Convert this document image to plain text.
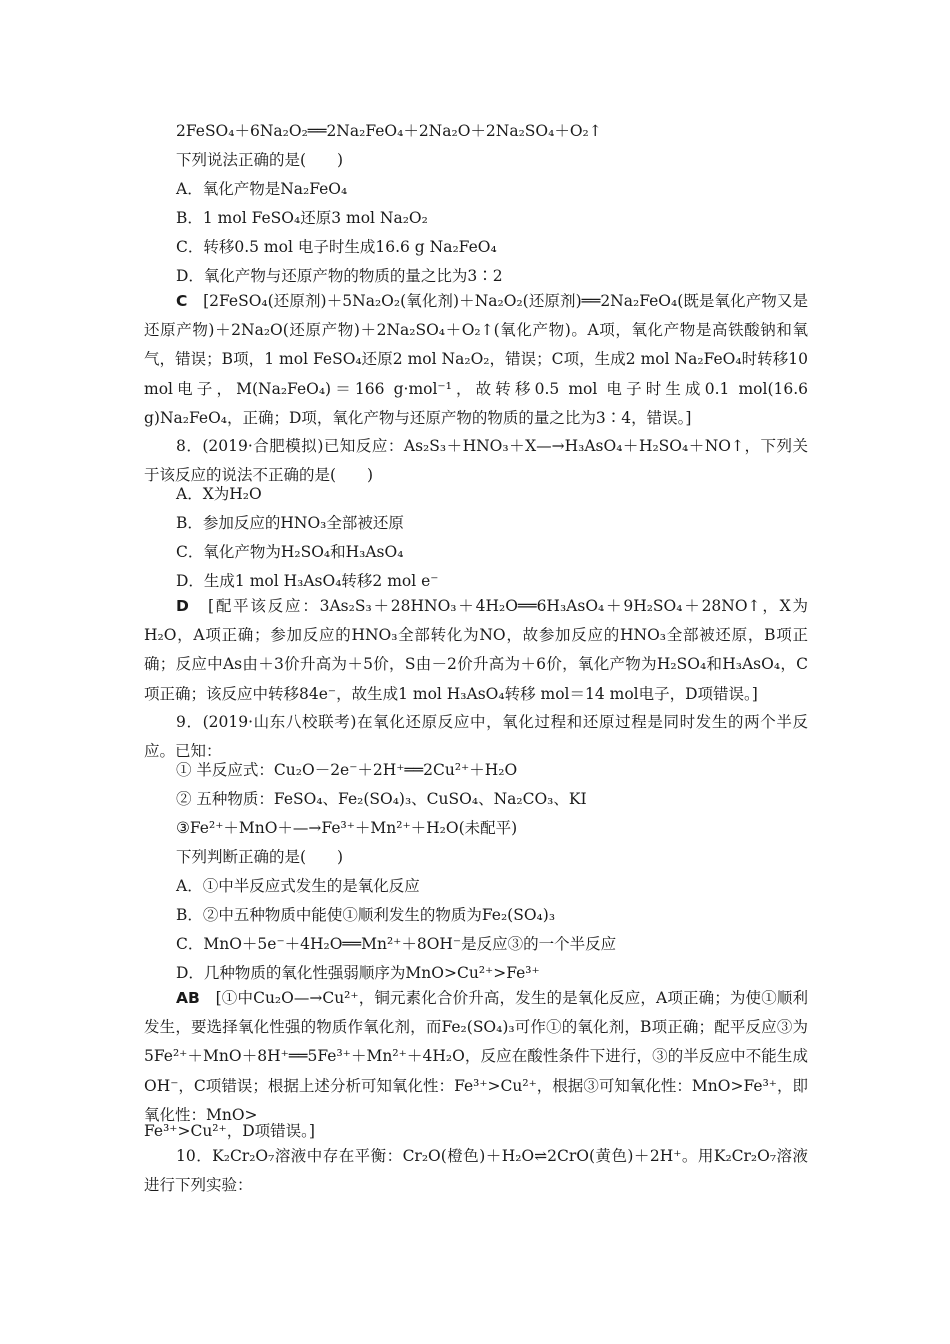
2FeSO₄＋6Na₂O₂══2Na₂FeO₄＋2Na₂O＋2Na₂SO₄＋O₂↑
下列说法正确的是(　　)
A．氧化产物是Na₂FeO₄
B．1 mol FeSO₄还原3 mol Na₂O₂
C．转移0.5 mol 电子时生成16.6 g Na₂FeO₄
D．氧化产物与还原产物的物质的量之比为3∶2
C　 [2FeSO₄(还原剂)＋5Na₂O₂(氧化剂)＋Na₂O₂(还原剂)══2Na₂FeO₄(既是氧化产物又是还原产物)＋2Na₂O(还原产物)＋2Na₂SO₄＋O₂↑(氧化产物)。A项，氧化产物是高铁酸钠和氧气，错误；B项，1 mol FeSO₄还原2 mol Na₂O₂，错误；C项，生成2 mol Na₂FeO₄时转移10 mol电子，M(Na₂FeO₄)＝166 g·mol⁻¹，故转移0.5 mol 电子时生成0.1 mol(16.6 g)Na₂FeO₄，正确；D项，氧化产物与还原产物的物质的量之比为3∶4，错误。]
8．(2019·合肥模拟)已知反应：As₂S₃＋HNO₃＋X—→H₃AsO₄＋H₂SO₄＋NO↑，下列关于该反应的说法不正确的是(　　)
A．X为H₂O
B．参加反应的HNO₃全部被还原
C．氧化产物为H₂SO₄和H₃AsO₄
D．生成1 mol H₃AsO₄转移2 mol e⁻
D　 [配平该反应：3As₂S₃＋28HNO₃＋4H₂O══6H₃AsO₄＋9H₂SO₄＋28NO↑，X为H₂O，A项正确；参加反应的HNO₃全部转化为NO，故参加反应的HNO₃全部被还原，B项正确；反应中As由＋3价升高为＋5价，S由－2价升高为＋6价，氧化产物为H₂SO₄和H₃AsO₄，C项正确；该反应中转移84e⁻，故生成1 mol H₃AsO₄转移 mol＝14 mol电子，D项错误。]
9．(2019·山东八校联考)在氧化还原反应中，氧化过程和还原过程是同时发生的两个半反应。已知：
① 半反应式：Cu₂O－2e⁻＋2H⁺══2Cu²⁺＋H₂O
② 五种物质：FeSO₄、Fe₂(SO₄)₃、CuSO₄、Na₂CO₃、KI
③Fe²⁺＋MnO＋—→Fe³⁺＋Mn²⁺＋H₂O(未配平)
下列判断正确的是(　　)
A．①中半反应式发生的是氧化反应
B．②中五种物质中能使①顺利发生的物质为Fe₂(SO₄)₃
C．MnO＋5e⁻＋4H₂O══Mn²⁺＋8OH⁻是反应③的一个半反应
D．几种物质的氧化性强弱顺序为MnO>Cu²⁺>Fe³⁺
AB　 [①中Cu₂O—→Cu²⁺，铜元素化合价升高，发生的是氧化反应，A项正确；为使①顺利发生，要选择氧化性强的物质作氧化剂，而Fe₂(SO₄)₃可作①的氧化剂，B项正确；配平反应③为5Fe²⁺＋MnO＋8H⁺══5Fe³⁺＋Mn²⁺＋4H₂O，反应在酸性条件下进行，③的半反应中不能生成OH⁻，C项错误；根据上述分析可知氧化性：Fe³⁺>Cu²⁺，根据③可知氧化性：MnO>Fe³⁺，即氧化性：MnO>
Fe³⁺>Cu²⁺，D项错误。]
10．K₂Cr₂O₇溶液中存在平衡：Cr₂O(橙色)＋H₂O⇌2CrO(黄色)＋2H⁺。用K₂Cr₂O₇溶液进行下列实验：
